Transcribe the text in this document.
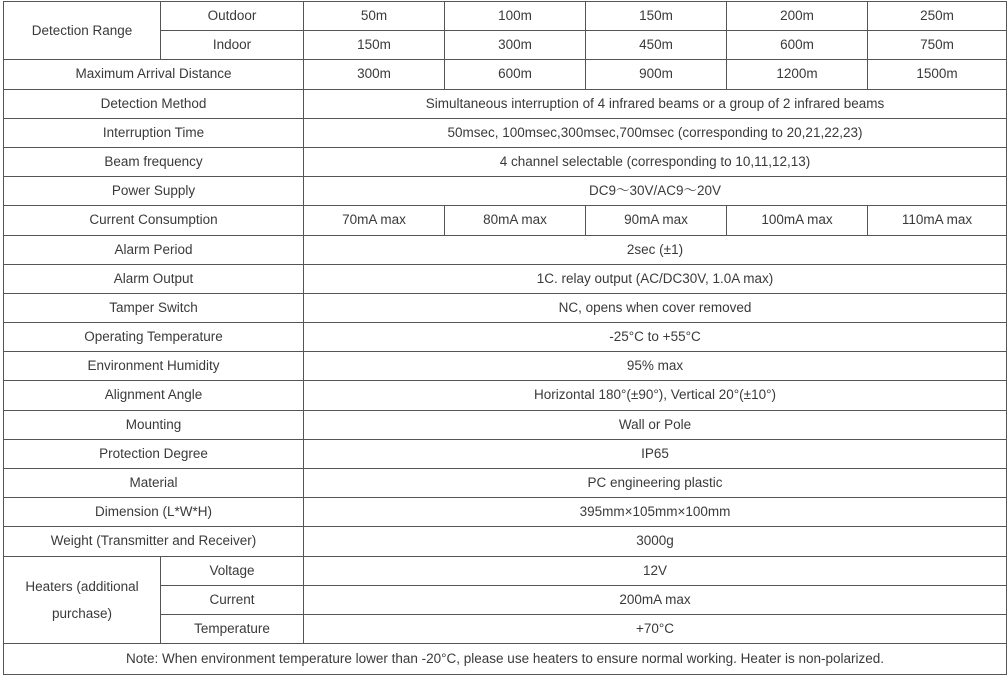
Detection Range	Outdoor	50m	100m	150m	200m	250m
	Indoor	150m	300m	450m	600m	750m
Maximum Arrival Distance		300m	600m	900m	1200m	1500m
Detection Method		Simultaneous interruption of 4 infrared beams or a group of 2 infrared beams				
Interruption Time		50msec, 100msec,300msec,700msec (corresponding to 20,21,22,23)				
Beam frequency		4 channel selectable (corresponding to 10,11,12,13)				
Power Supply		DC9～30V/AC9～20V				
Current Consumption		70mA max	80mA max	90mA max	100mA max	110mA max
Alarm Period		2sec (±1)				
Alarm Output		1C. relay output (AC/DC30V, 1.0A max)				
Tamper Switch		NC, opens when cover removed				
Operating Temperature		-25°C to +55°C				
Environment Humidity		95% max				
Alignment Angle		Horizontal 180°(±90°), Vertical 20°(±10°)				
Mounting		Wall or Pole				
Protection Degree		IP65				
Material		PC engineering plastic				
Dimension (L*W*H)		395mm×105mm×100mm				
Weight (Transmitter and Receiver)		3000g				
Heaters (additional purchase)	Voltage	12V				
	Current	200mA max				
	Temperature	+70°C				
Note: When environment temperature lower than -20°C, please use heaters to ensure normal working. Heater is non-polarized.						
